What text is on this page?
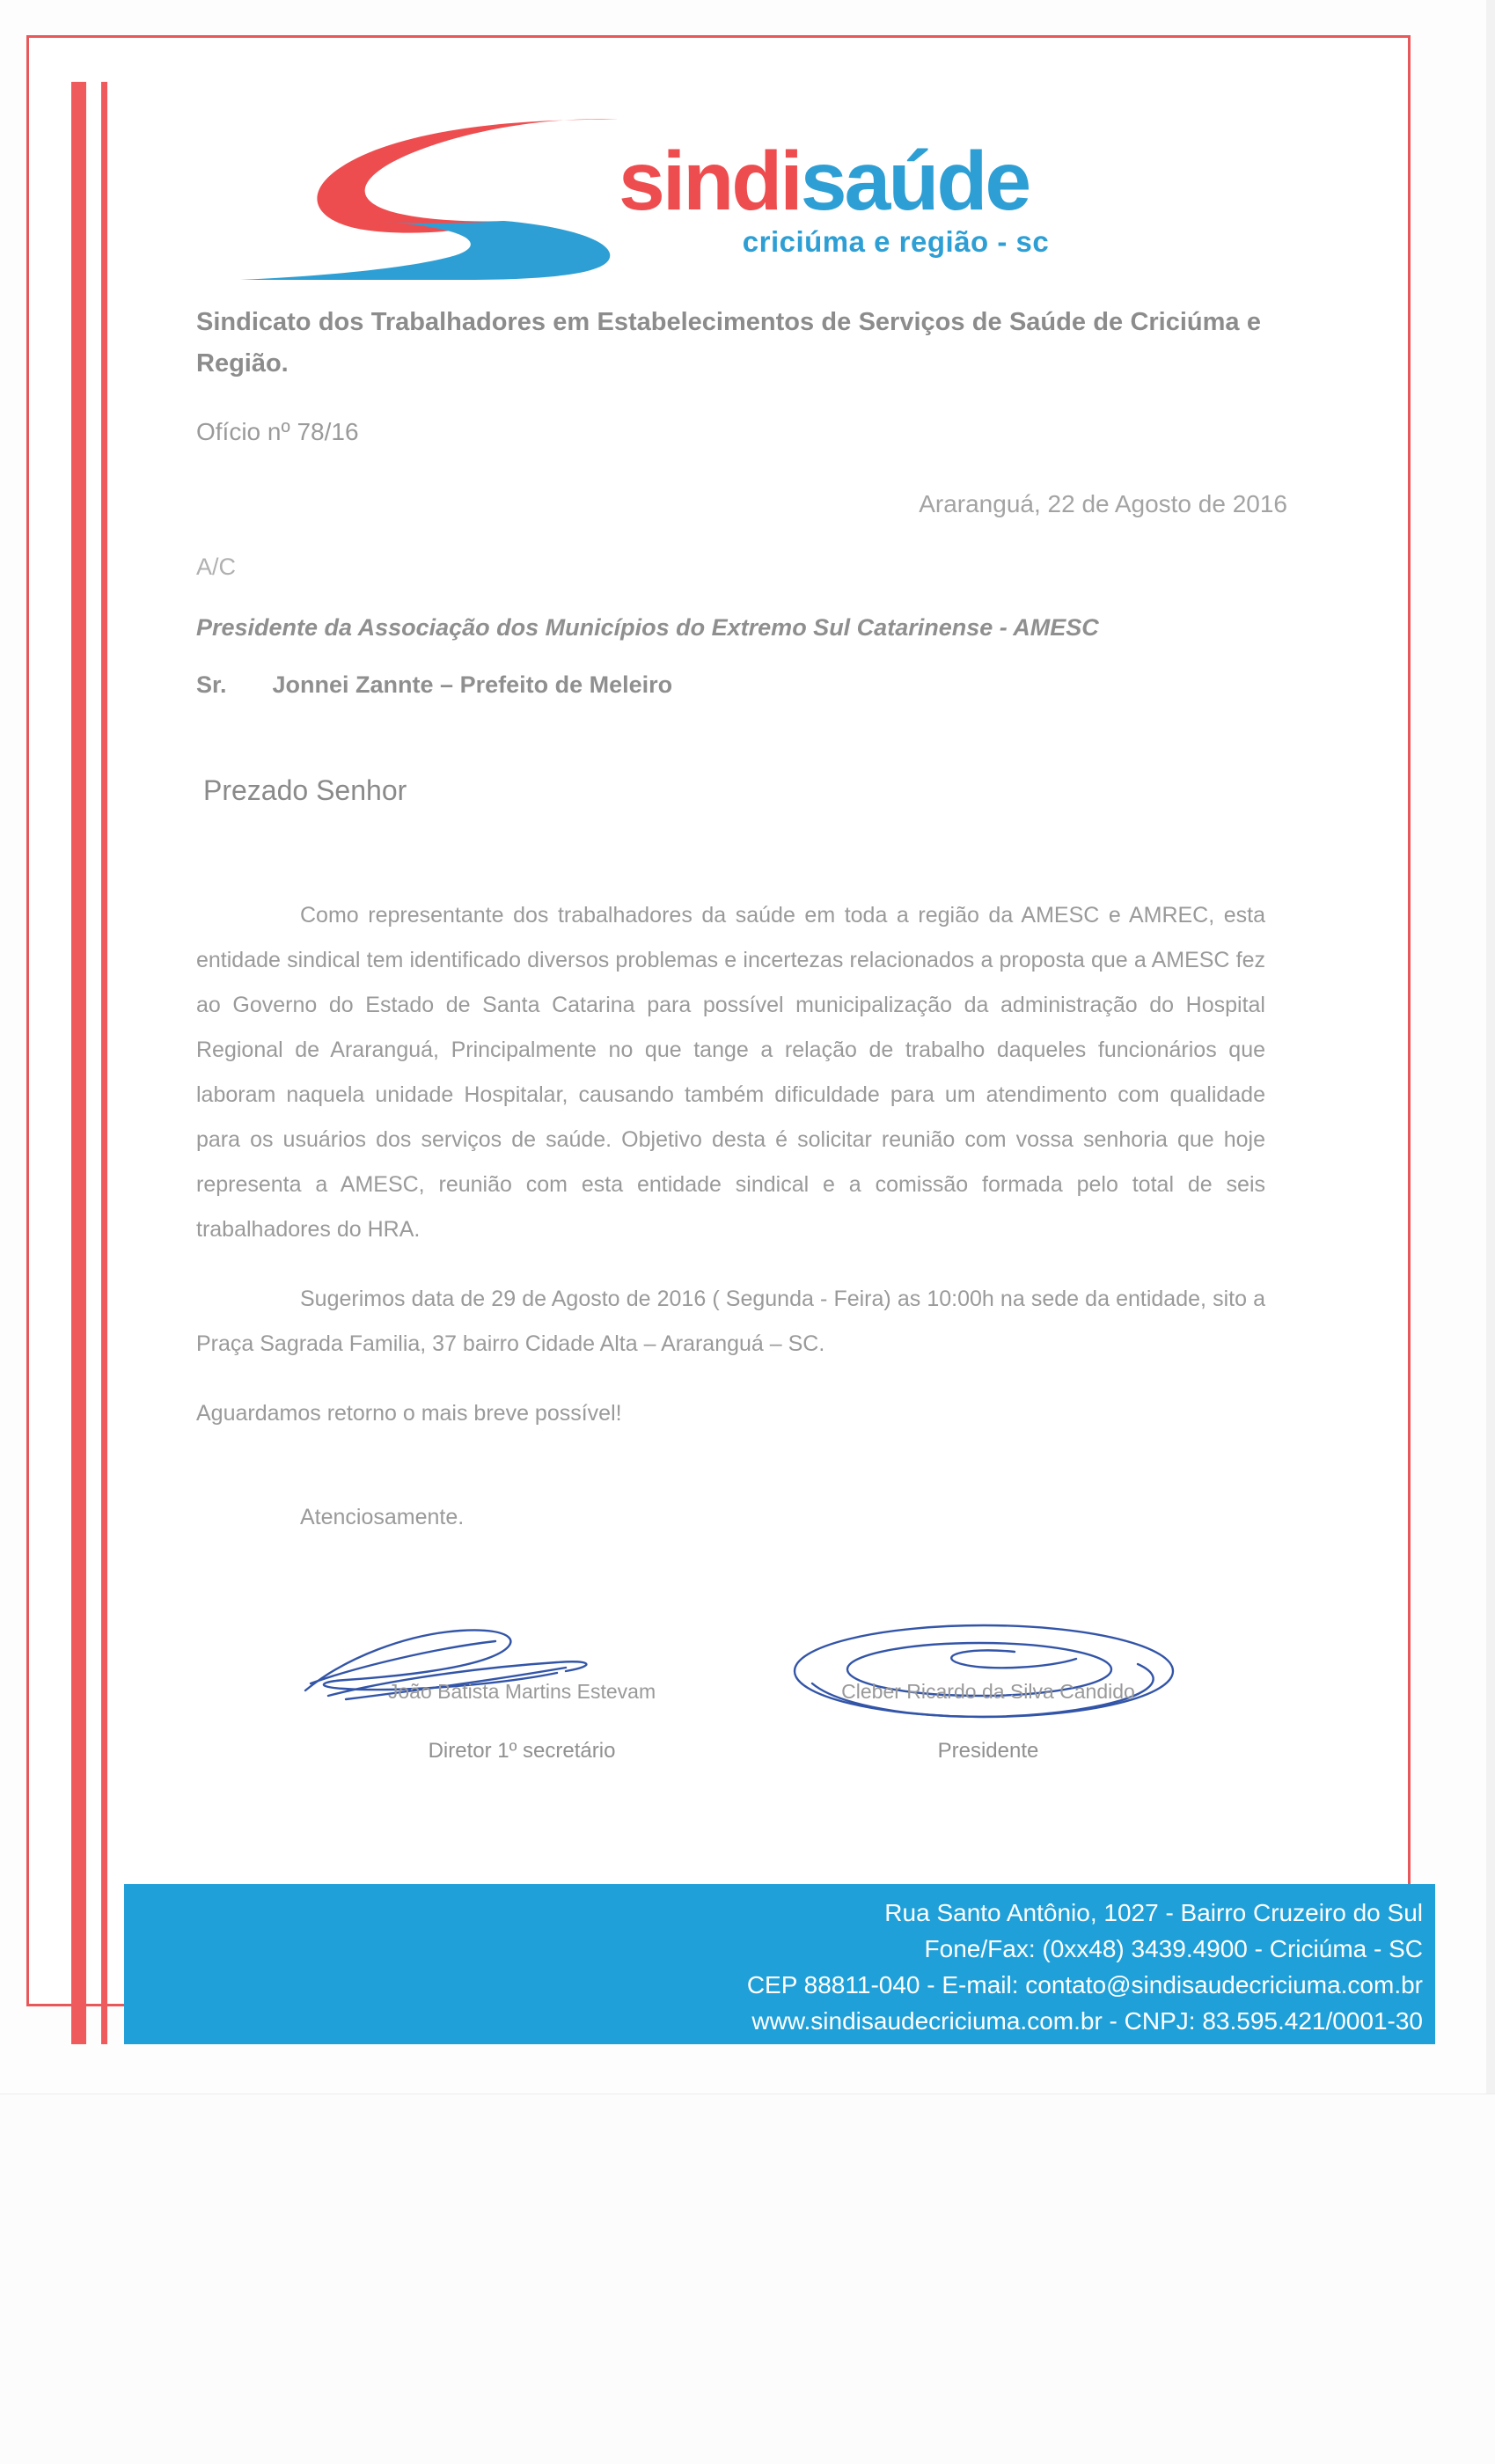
sindisaúde
criciúma e região - sc
Sindicato dos Trabalhadores em Estabelecimentos de Serviços de Saúde de Criciúma e Região.
Ofício nº 78/16
Araranguá, 22 de Agosto de 2016
A/C
Presidente da Associação dos Municípios do Extremo Sul Catarinense - AMESC
Sr. Jonnei Zannte – Prefeito de Meleiro
Prezado Senhor
Como representante dos trabalhadores da saúde em toda a região da AMESC e AMREC, esta entidade sindical tem identificado diversos problemas e incertezas relacionados a proposta que a AMESC fez ao Governo do Estado de Santa Catarina para possível municipalização da administração do Hospital Regional de Araranguá, Principalmente no que tange a relação de trabalho daqueles funcionários que laboram naquela unidade Hospitalar, causando também dificuldade para um atendimento com qualidade para os usuários dos serviços de saúde. Objetivo desta é solicitar reunião com vossa senhoria que hoje representa a AMESC, reunião com esta entidade sindical e a comissão formada pelo total de seis trabalhadores do HRA.
Sugerimos data de 29 de Agosto de 2016 ( Segunda - Feira) as 10:00h na sede da entidade, sito a Praça Sagrada Familia, 37 bairro Cidade Alta – Araranguá – SC.
Aguardamos retorno o mais breve possível!
Atenciosamente.
João Batista Martins Estevam
Diretor 1º secretário
Cleber Ricardo da Silva Candido
Presidente
Rua Santo Antônio, 1027 - Bairro Cruzeiro do Sul
Fone/Fax: (0xx48) 3439.4900 - Criciúma - SC
CEP 88811-040 - E-mail: contato@sindisaudecriciuma.com.br
www.sindisaudecriciuma.com.br - CNPJ: 83.595.421/0001-30
